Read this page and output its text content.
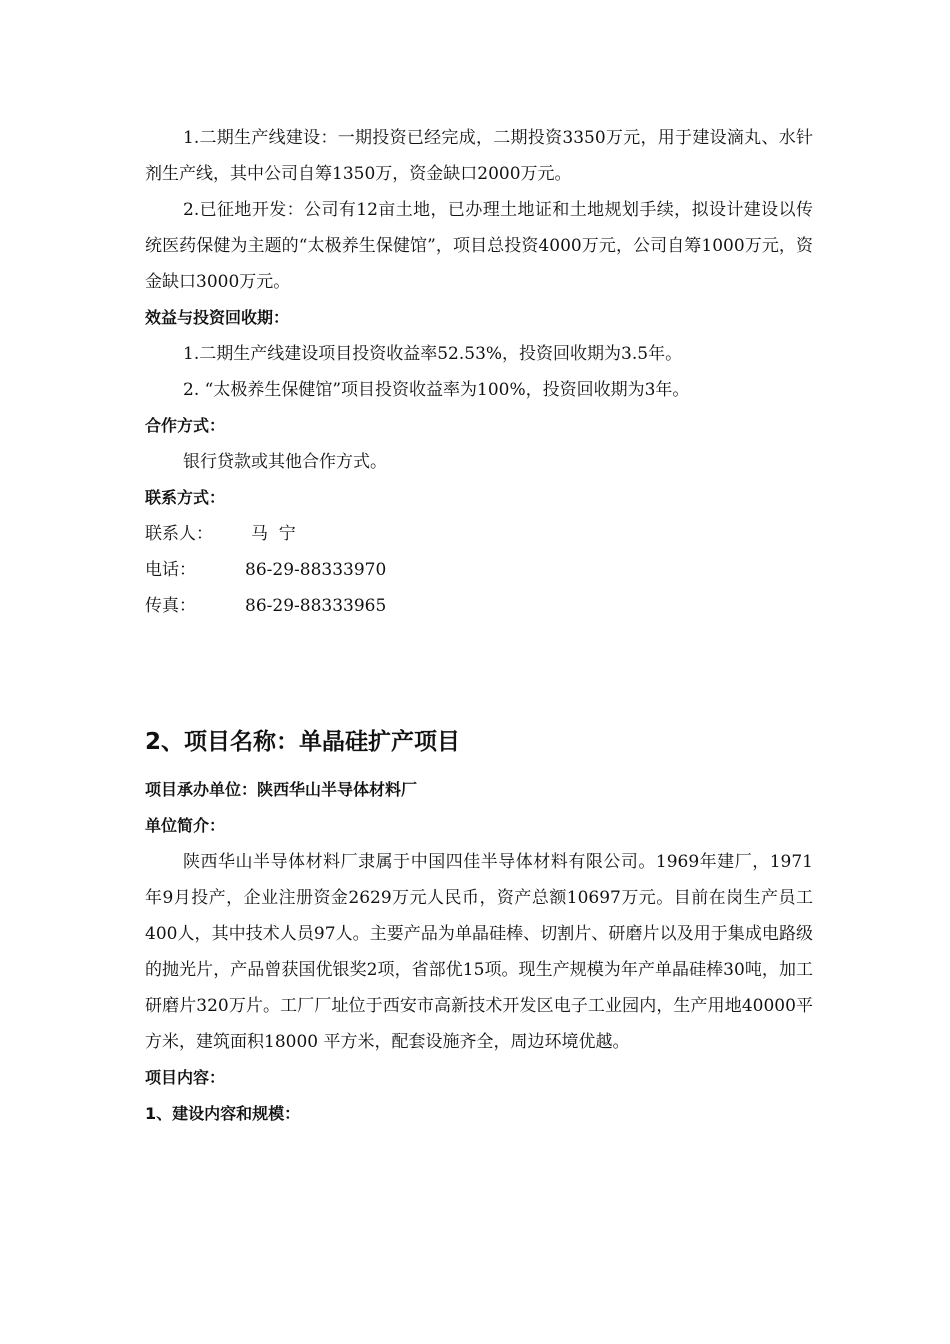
1.二期生产线建设：一期投资已经完成，二期投资3350万元，用于建设滴丸、水针剂生产线，其中公司自筹1350万，资金缺口2000万元。

2.已征地开发：公司有12亩土地，已办理土地证和土地规划手续，拟设计建设以传统医药保健为主题的“太极养生保健馆”，项目总投资4000万元，公司自筹1000万元，资金缺口3000万元。

效益与投资回收期：

1.二期生产线建设项目投资收益率52.53%，投资回收期为3.5年。

2. “太极养生保健馆”项目投资收益率为100%，投资回收期为3年。

合作方式：

银行贷款或其他合作方式。

联系方式：

联系人：	马  宁
电话：	86-29-88333970
传真：	86-29-88333965

2、项目名称：单晶硅扩产项目

项目承办单位：陕西华山半导体材料厂

单位简介：

陕西华山半导体材料厂隶属于中国四佳半导体材料有限公司。1969年建厂，1971年9月投产，企业注册资金2629万元人民币，资产总额10697万元。目前在岗生产员工400人，其中技术人员97人。主要产品为单晶硅棒、切割片、研磨片以及用于集成电路级的抛光片，产品曾获国优银奖2项，省部优15项。现生产规模为年产单晶硅棒30吨，加工研磨片320万片。工厂厂址位于西安市高新技术开发区电子工业园内，生产用地40000平方米，建筑面积18000 平方米，配套设施齐全，周边环境优越。

项目内容：

1、建设内容和规模：
